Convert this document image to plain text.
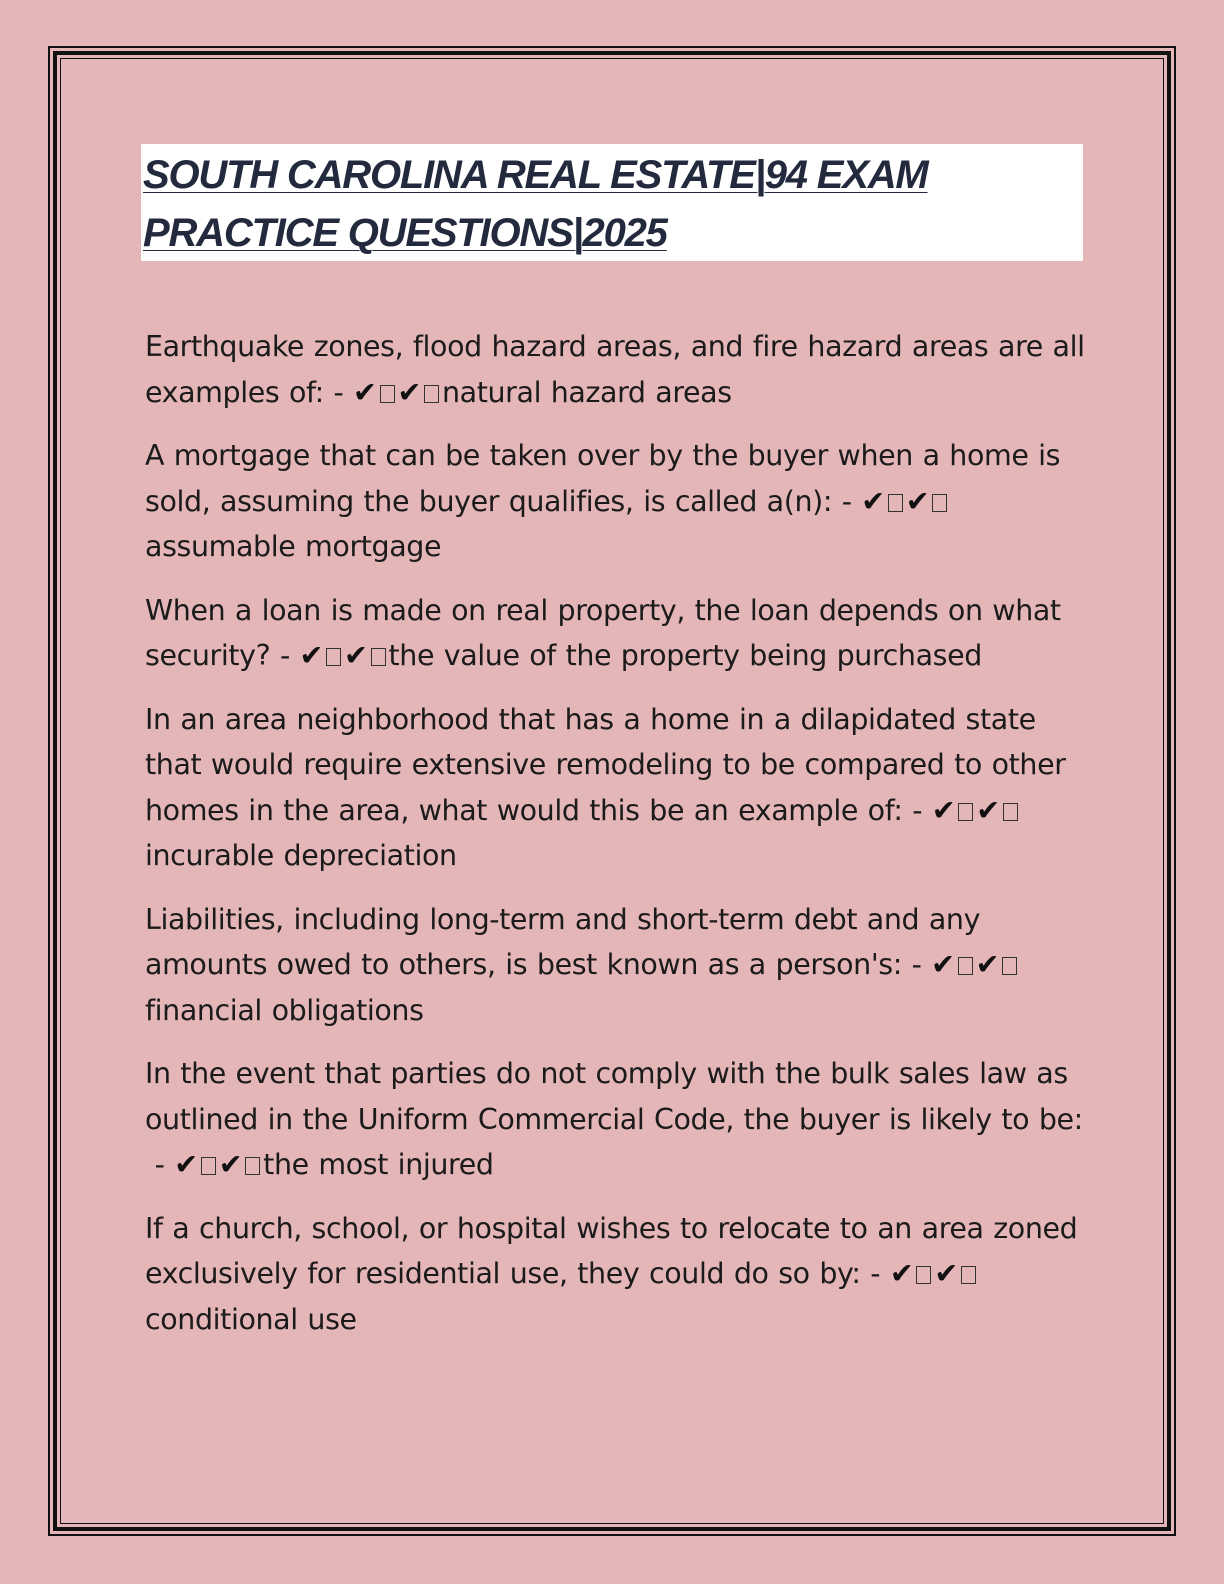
SOUTH CAROLINA REAL ESTATE|94 EXAM
PRACTICE QUESTIONS|2025

Earthquake zones, flood hazard areas, and fire hazard areas are all examples of: - ✔ ✔ natural hazard areas

A mortgage that can be taken over by the buyer when a home is sold, assuming the buyer qualifies, is called a(n): - ✔ ✔assumable mortgage

When a loan is made on real property, the loan depends on what security? - ✔ ✔ the value of the property being purchased

In an area neighborhood that has a home in a dilapidated state that would require extensive remodeling to be compared to other homes in the area, what would this be an example of: - ✔ ✔incurable depreciation

Liabilities, including long-term and short-term debt and any amounts owed to others, is best known as a person's: - ✔ ✔financial obligations

In the event that parties do not comply with the bulk sales law as outlined in the Uniform Commercial Code, the buyer is likely to be: - ✔ ✔ the most injured

If a church, school, or hospital wishes to relocate to an area zoned exclusively for residential use, they could do so by: - ✔ ✔conditional use
